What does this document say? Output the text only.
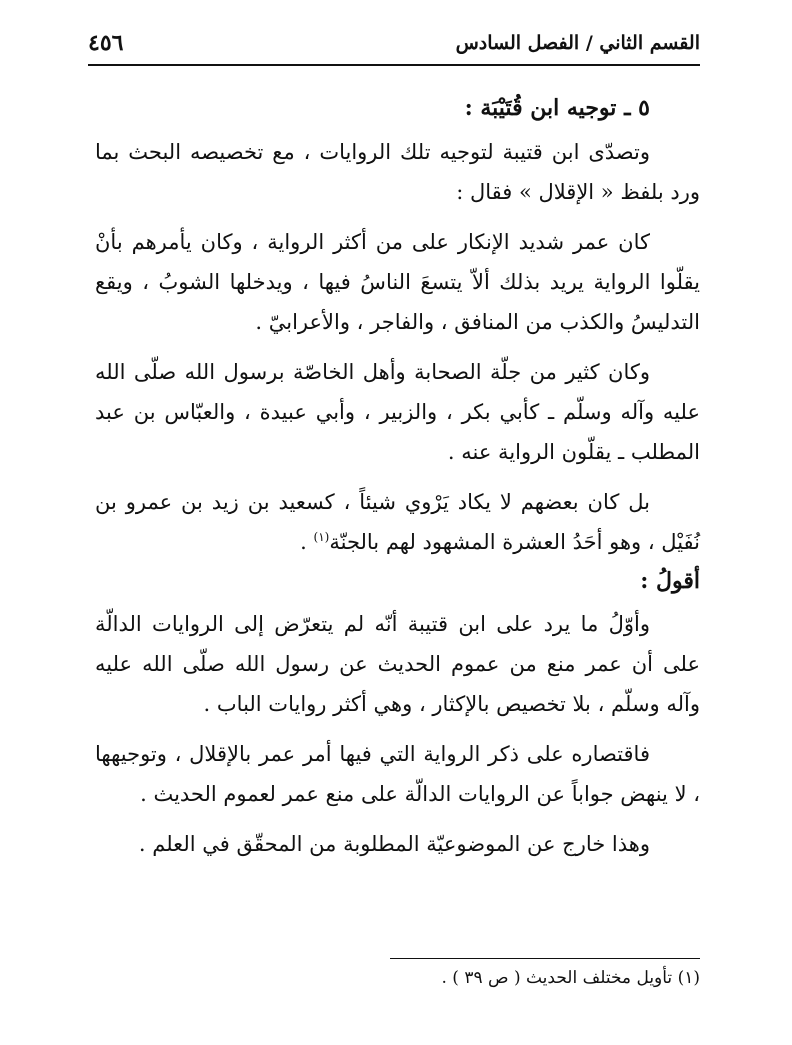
القسم الثاني / الفصل السادس
٤٥٦

٥ ـ توجيه ابن قُتَيْبَة :

وتصدّى ابن قتيبة لتوجيه تلك الروايات ، مع تخصيصه البحث بما ورد بلفظ « الإقلال » فقال :

كان عمر شديد الإنكار على من أكثر الرواية ، وكان يأمرهم بأنْ يقلّوا الرواية يريد بذلك ألاّ يتسعَ الناسُ فيها ، ويدخلها الشوبُ ، ويقع التدليسُ والكذب من المنافق ، والفاجر ، والأعرابيّ .

وكان كثير من جلّة الصحابة وأهل الخاصّة برسول الله صلّى الله عليه وآله وسلّم ـ كأبي بكر ، والزبير ، وأبي عبيدة ، والعبّاس بن عبد المطلب ـ يقلّون الرواية عنه .

بل كان بعضهم لا يكاد يَرْوي شيئاً ، كسعيد بن زيد بن عمرو بن نُفَيْل ، وهو أحَدُ العشرة المشهود لهم بالجنّة$^{(١)}$ .

أقولُ :

وأوّلُ ما يرد على ابن قتيبة أنّه لم يتعرّض إلى الروايات الدالّة على أن عمر منع من عموم الحديث عن رسول الله صلّى الله عليه وآله وسلّم ، بلا تخصيص بالإكثار ، وهي أكثر روايات الباب .

فاقتصاره على ذكر الرواية التي فيها أمر عمر بالإقلال ، وتوجيهها ، لا ينهض جواباً عن الروايات الدالّة على منع عمر لعموم الحديث .

وهذا خارج عن الموضوعيّة المطلوبة من المحقّق في العلم .

(١) تأويل مختلف الحديث ( ص ٣٩ ) .
